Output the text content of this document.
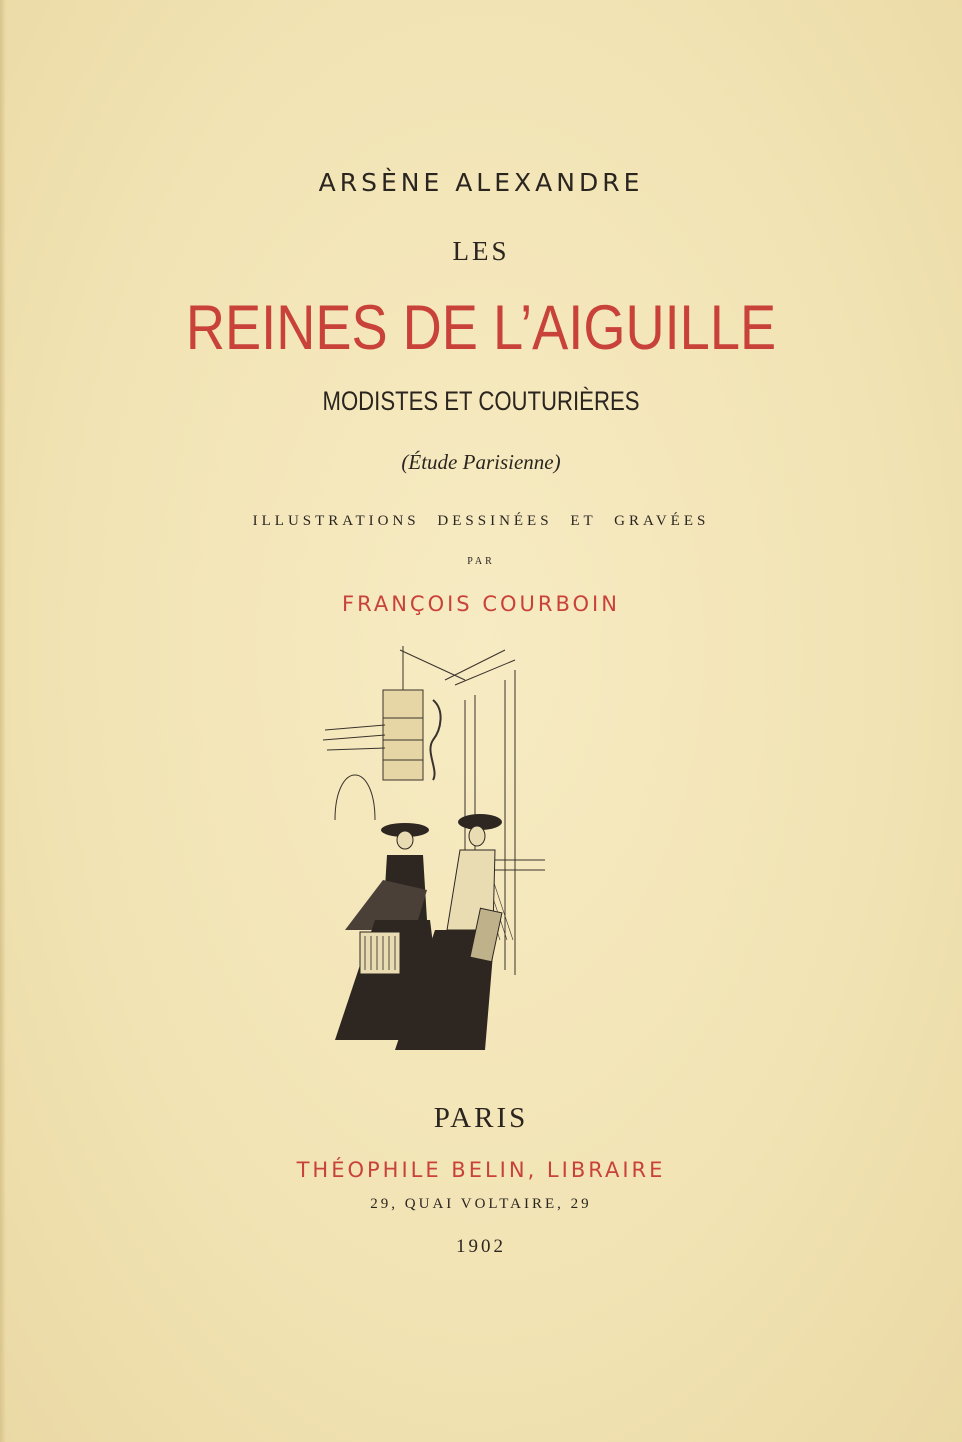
ARSÈNE ALEXANDRE
LES
REINES DE L’AIGUILLE
MODISTES ET COUTURIÈRES
(Étude Parisienne)
ILLUSTRATIONS DESSINÉES ET GRAVÉES
PAR
FRANÇOIS COURBOIN
PARIS
THÉOPHILE BELIN, LIBRAIRE
29, QUAI VOLTAIRE, 29
1902
